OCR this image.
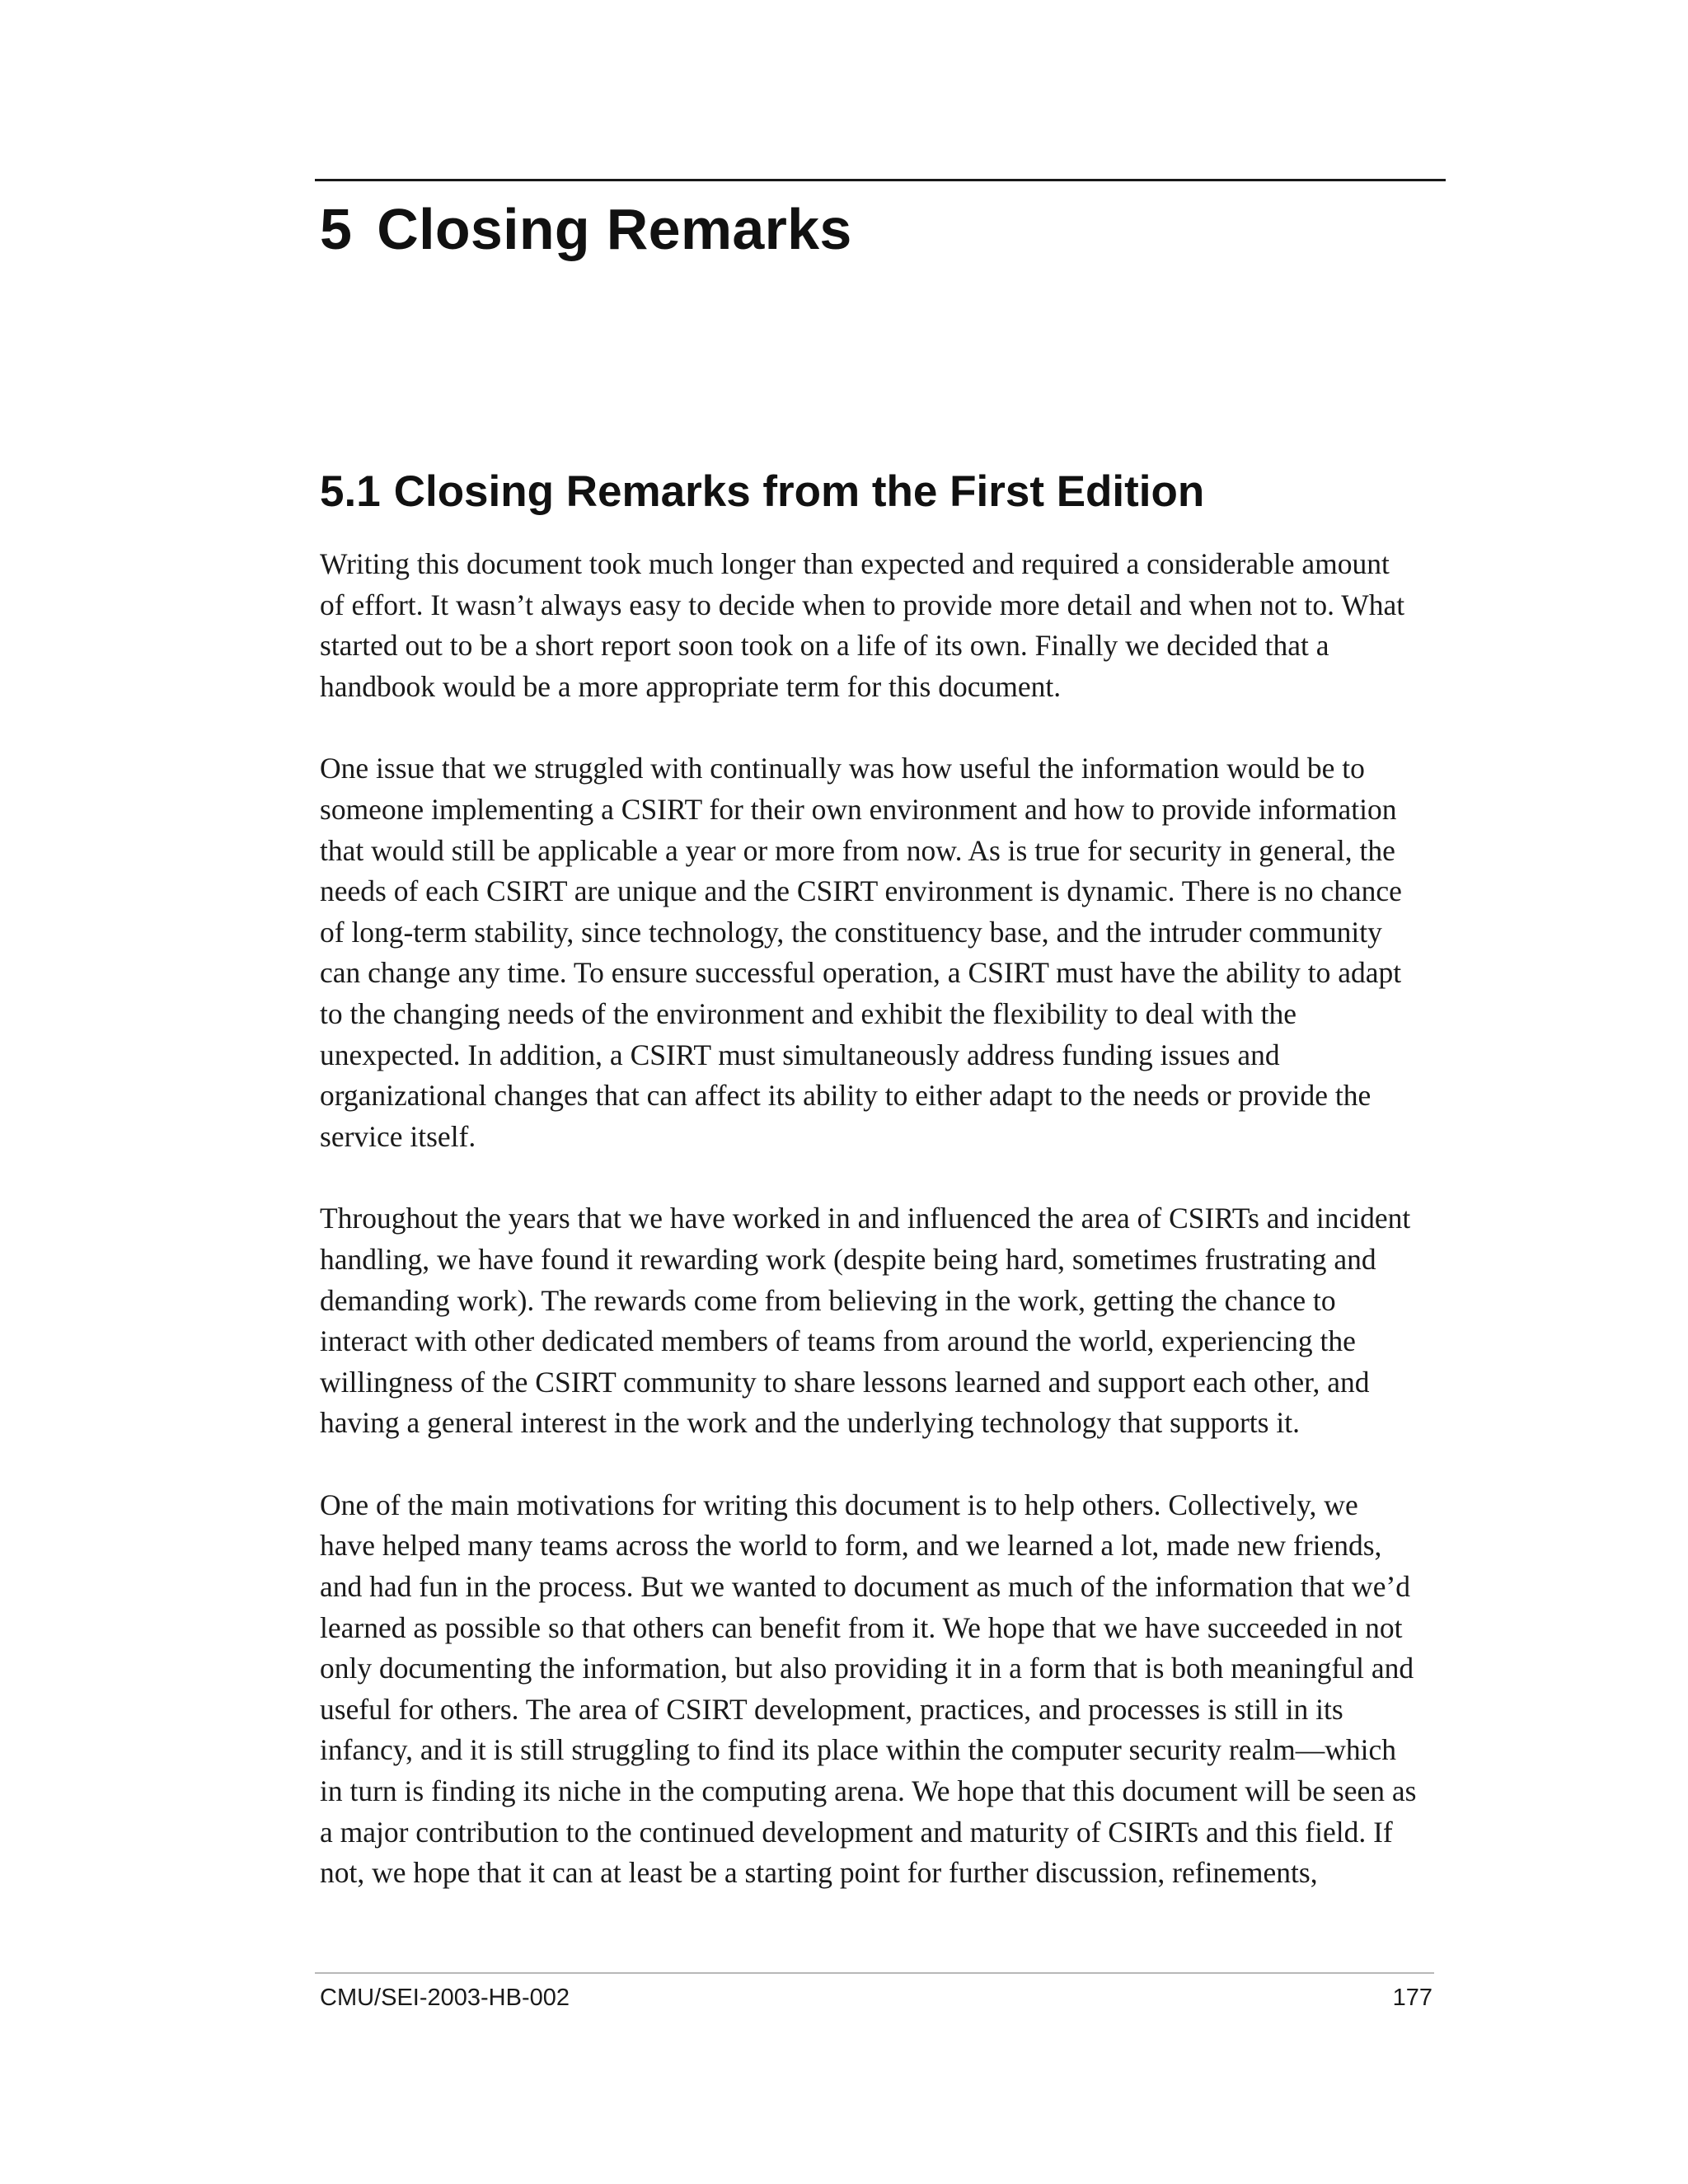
5 Closing Remarks
5.1 Closing Remarks from the First Edition

Writing this document took much longer than expected and required a considerable amount
of effort. It wasn’t always easy to decide when to provide more detail and when not to. What
started out to be a short report soon took on a life of its own. Finally we decided that a
handbook would be a more appropriate term for this document.

One issue that we struggled with continually was how useful the information would be to
someone implementing a CSIRT for their own environment and how to provide information
that would still be applicable a year or more from now. As is true for security in general, the
needs of each CSIRT are unique and the CSIRT environment is dynamic. There is no chance
of long-term stability, since technology, the constituency base, and the intruder community
can change any time. To ensure successful operation, a CSIRT must have the ability to adapt
to the changing needs of the environment and exhibit the flexibility to deal with the
unexpected. In addition, a CSIRT must simultaneously address funding issues and
organizational changes that can affect its ability to either adapt to the needs or provide the
service itself.

Throughout the years that we have worked in and influenced the area of CSIRTs and incident
handling, we have found it rewarding work (despite being hard, sometimes frustrating and
demanding work). The rewards come from believing in the work, getting the chance to
interact with other dedicated members of teams from around the world, experiencing the
willingness of the CSIRT community to share lessons learned and support each other, and
having a general interest in the work and the underlying technology that supports it.

One of the main motivations for writing this document is to help others. Collectively, we
have helped many teams across the world to form, and we learned a lot, made new friends,
and had fun in the process. But we wanted to document as much of the information that we’d
learned as possible so that others can benefit from it. We hope that we have succeeded in not
only documenting the information, but also providing it in a form that is both meaningful and
useful for others. The area of CSIRT development, practices, and processes is still in its
infancy, and it is still struggling to find its place within the computer security realm—which
in turn is finding its niche in the computing arena. We hope that this document will be seen as
a major contribution to the continued development and maturity of CSIRTs and this field. If
not, we hope that it can at least be a starting point for further discussion, refinements,

CMU/SEI-2003-HB-002	177
